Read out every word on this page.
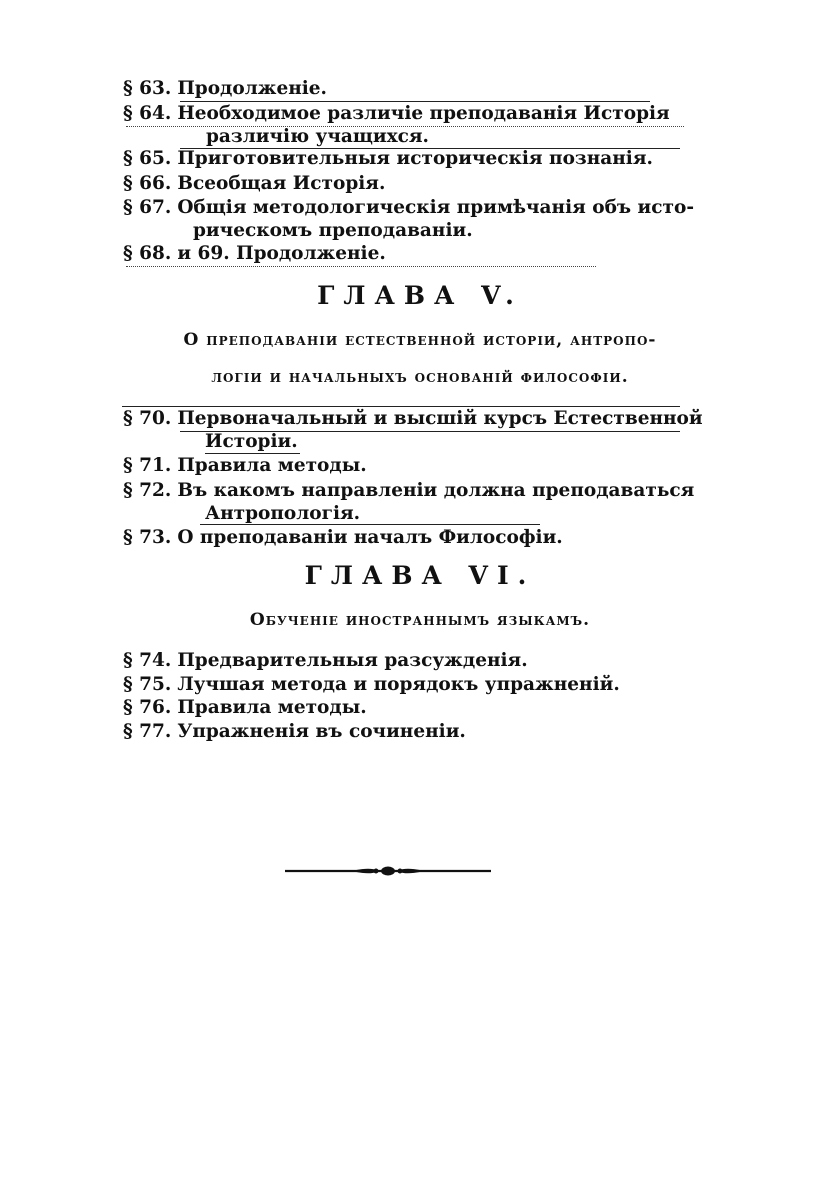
§ 63. Продолженіе.
§ 64. Необходимое различіе преподаванія Исторія
различію учащихся.
§ 65. Приготовительныя историческія познанія.
§ 66. Всеобщая Исторія.
§ 67. Общія методологическія примѣчанія объ исто-
рическомъ преподаваніи.
§ 68. и 69. Продолженіе.
ГЛАВА V.
О преподаваніи естественной исторіи, антропо-
логіи и начальныхъ основаній философіи.
§ 70. Первоначальный и высшій курсъ Естественной
Исторіи.
§ 71. Правила методы.
§ 72. Въ какомъ направленіи должна преподаваться
Антропологія.
§ 73. О преподаваніи началъ Философіи.
ГЛАВА VI.
Обученіе иностраннымъ языкамъ.
§ 74. Предварительныя разсужденія.
§ 75. Лучшая метода и порядокъ упражненій.
§ 76. Правила методы.
§ 77. Упражненія въ сочиненіи.
